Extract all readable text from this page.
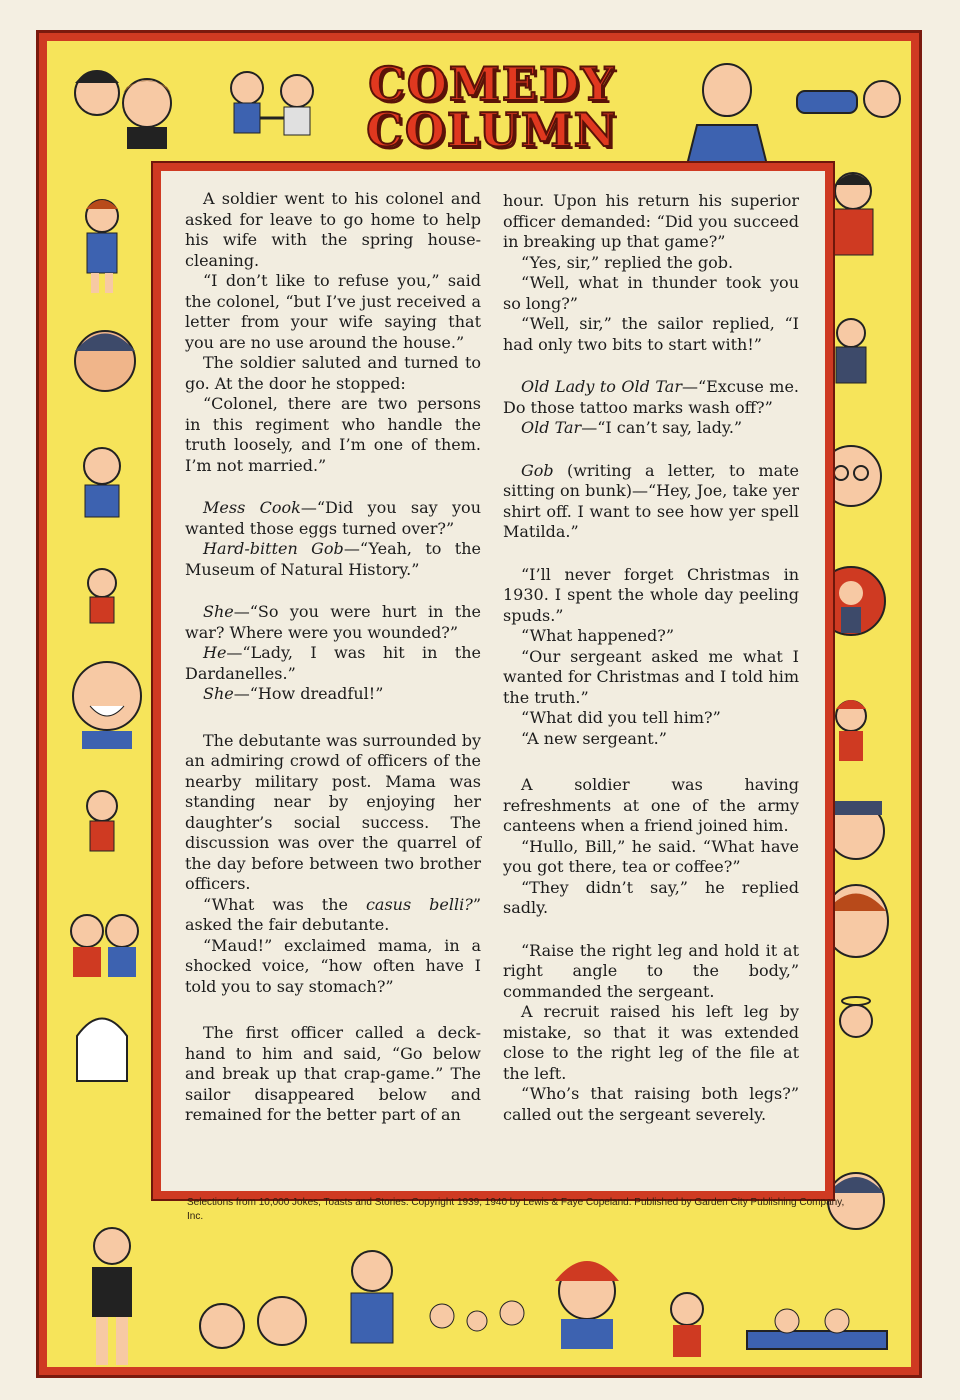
COMEDY
COLUMN

A soldier went to his colonel and asked for leave to go home to help his wife with the spring house-cleaning.

“I don’t like to refuse you,” said the colonel, “but I’ve just received a letter from your wife saying that you are no use around the house.”

The soldier saluted and turned to go. At the door he stopped:

“Colonel, there are two persons in this regiment who handle the truth loosely, and I’m one of them. I’m not married.”

Mess Cook—“Did you say you wanted those eggs turned over?”

Hard-bitten Gob—“Yeah, to the Museum of Natural History.”

She—“So you were hurt in the war? Where were you wounded?”

He—“Lady, I was hit in the Dardanelles.”

She—“How dreadful!”

The debutante was surrounded by an admiring crowd of officers of the nearby military post. Mama was standing near by enjoying her daughter’s social success. The discussion was over the quarrel of the day before between two brother officers.

“What was the casus belli?” asked the fair debutante.

“Maud!” exclaimed mama, in a shocked voice, “how often have I told you to say stomach?”

The first officer called a deck-hand to him and said, “Go below and break up that crap-game.” The sailor disappeared below and remained for the better part of an

hour. Upon his return his superior officer demanded: “Did you succeed in breaking up that game?”

“Yes, sir,” replied the gob.

“Well, what in thunder took you so long?”

“Well, sir,” the sailor replied, “I had only two bits to start with!”

Old Lady to Old Tar—“Excuse me. Do those tattoo marks wash off?”

Old Tar—“I can’t say, lady.”

Gob (writing a letter, to mate sitting on bunk)—“Hey, Joe, take yer shirt off. I want to see how yer spell Matilda.”

“I’ll never forget Christmas in 1930. I spent the whole day peeling spuds.”

“What happened?”

“Our sergeant asked me what I wanted for Christmas and I told him the truth.”

“What did you tell him?”

“A new sergeant.”

A soldier was having refreshments at one of the army canteens when a friend joined him.

“Hullo, Bill,” he said. “What have you got there, tea or coffee?”

“They didn’t say,” he replied sadly.

“Raise the right leg and hold it at right angle to the body,” commanded the sergeant.

A recruit raised his left leg by mistake, so that it was extended close to the right leg of the file at the left.

“Who’s that raising both legs?” called out the sergeant severely.

Selections from 10,000 Jokes, Toasts and Stories. Copyright 1939, 1940 by Lewis & Faye Copeland. Published by Garden City Publishing Company, Inc.
